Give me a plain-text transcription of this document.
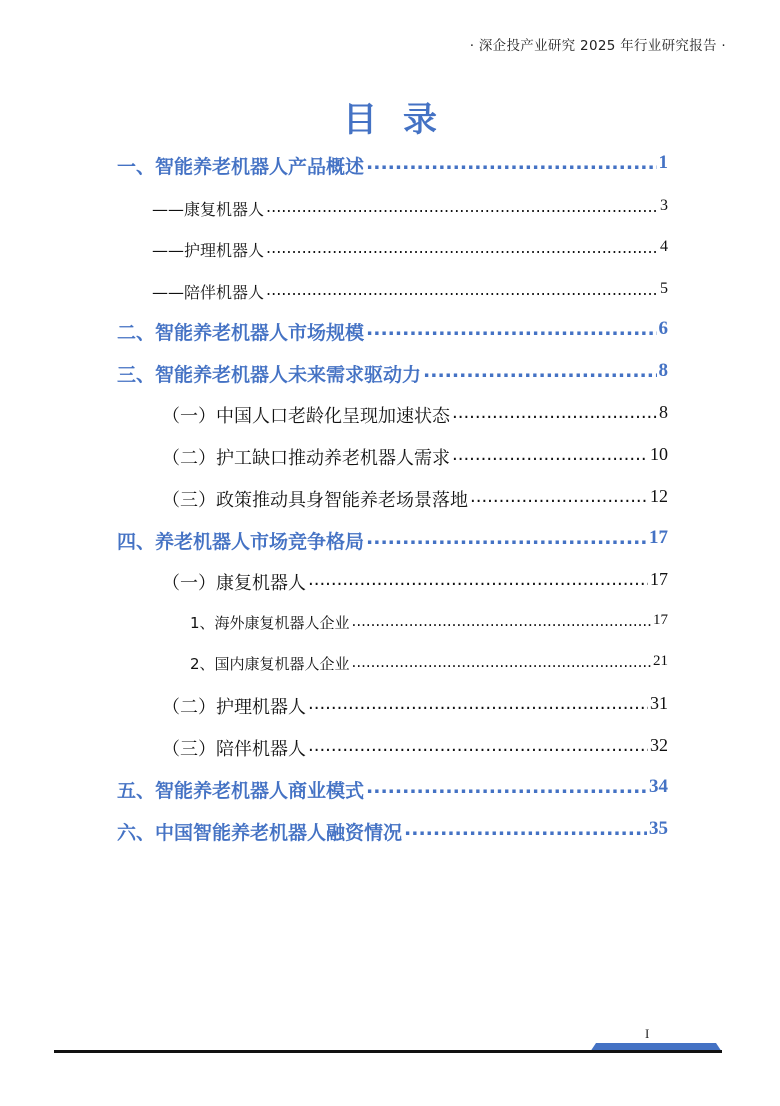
· 深企投产业研究 2025 年行业研究报告 ·
目录
一、智能养老机器人产品概述 .....	1
——康复机器人 .....	3
——护理机器人 .....	4
——陪伴机器人 .....	5
二、智能养老机器人市场规模 .....	6
三、智能养老机器人未来需求驱动力 .....	8
（一）中国人口老龄化呈现加速状态 .....	8
（二）护工缺口推动养老机器人需求 .....	10
（三）政策推动具身智能养老场景落地 .....	12
四、养老机器人市场竞争格局 .....	17
（一）康复机器人 .....	17
1、海外康复机器人企业 .....	17
2、国内康复机器人企业 .....	21
（二）护理机器人 .....	31
（三）陪伴机器人 .....	32
五、智能养老机器人商业模式 .....	34
六、中国智能养老机器人融资情况 .....	35
I
